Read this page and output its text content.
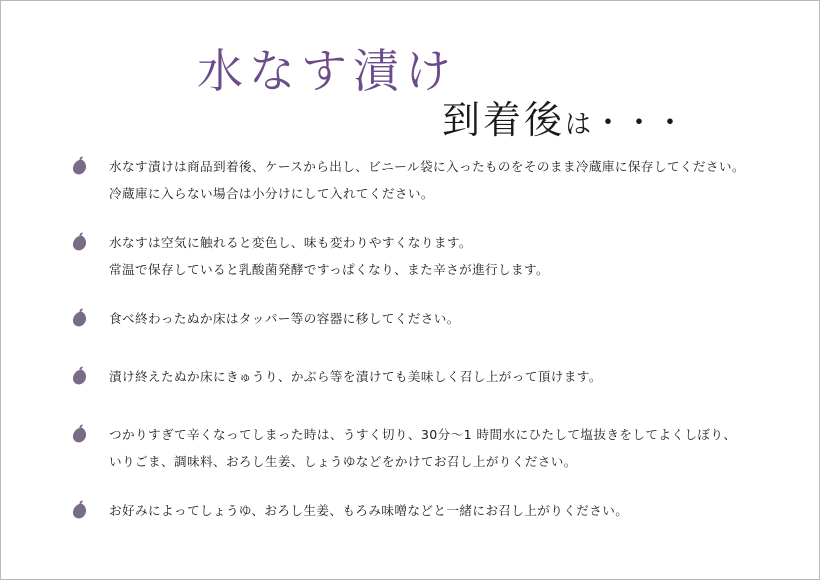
水なす漬け
到着後は・・・
水なす漬けは商品到着後、ケースから出し、ビニール袋に入ったものをそのまま冷蔵庫に保存してください。
冷蔵庫に入らない場合は小分けにして入れてください。
水なすは空気に触れると変色し、味も変わりやすくなります。
常温で保存していると乳酸菌発酵ですっぱくなり、また辛さが進行します。
食べ終わったぬか床はタッパー等の容器に移してください。
漬け終えたぬか床にきゅうり、かぶら等を漬けても美味しく召し上がって頂けます。
つかりすぎて辛くなってしまった時は、うすく切り、30分〜1 時間水にひたして塩抜きをしてよくしぼり、
いりごま、調味料、おろし生姜、しょうゆなどをかけてお召し上がりください。
お好みによってしょうゆ、おろし生姜、もろみ味噌などと一緒にお召し上がりください。
